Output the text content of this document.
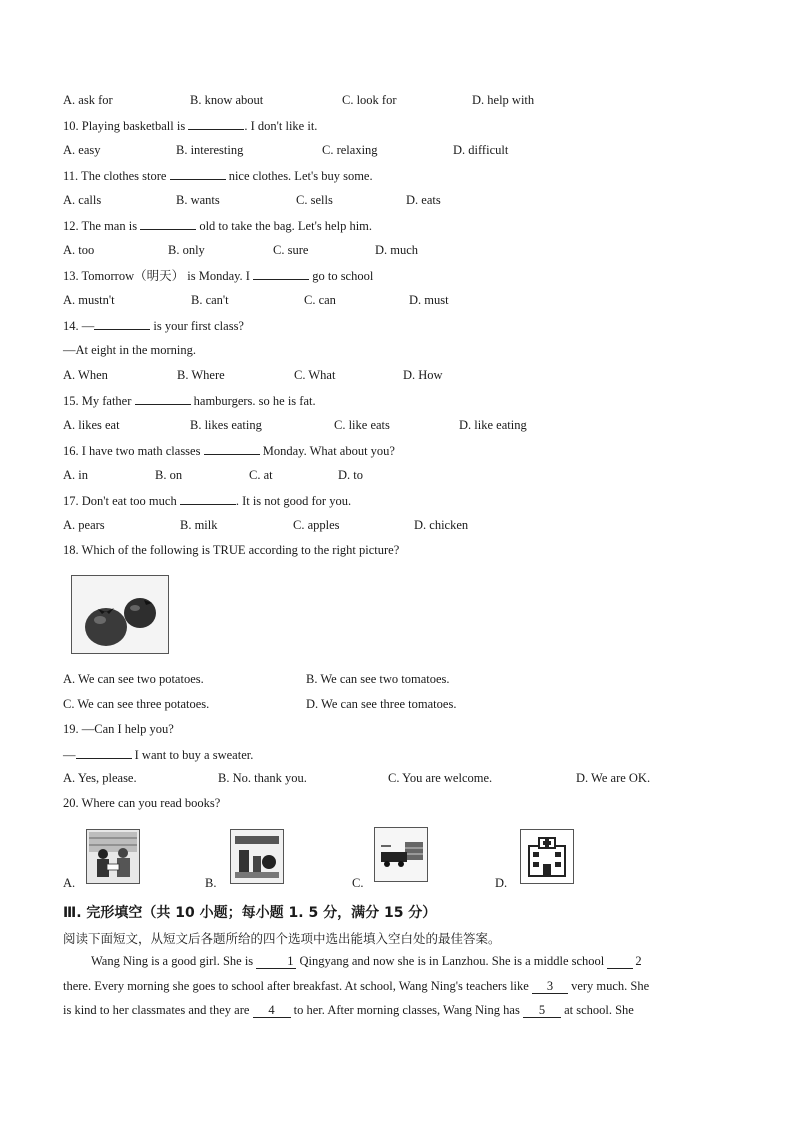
A. ask for	B. know about	C. look for	D. help with
10. Playing basketball is	. I don't like it.
A. easy	B. interesting	C. relaxing	D. difficult
11. The clothes store	nice clothes. Let's buy some.
A. calls	B. wants	C. sells	D. eats
12. The man is	old to take the bag. Let's help him.
A. too	B. only	C. sure	D. much
13. Tomorrow（明天） is Monday. I	go to school
A. mustn't	B. can't	C. can	D. must
14. —	is your first class?
—At eight in the morning.
A. When	B. Where	C. What	D. How
15. My father	hamburgers. so he is fat.
A. likes eat	B. likes eating	C. like eats	D. like eating
16. I have two math classes	Monday. What about you?
A. in	B. on	C. at	D. to
17. Don't eat too much	. It is not good for you.
A. pears	B. milk	C. apples	D. chicken
18. Which of the following is TRUE according to the right picture?
A. We can see two potatoes.	B. We can see two tomatoes.
C. We can see three potatoes.	D. We can see three tomatoes.
19. —Can I help you?
—	I want to buy a sweater.
A. Yes, please.	B. No. thank you.	C. You are welcome.	D. We are OK.
20. Where can you read books?
A.	B.	C.	D.
Ⅲ. 完形填空（共 10 小题；每小题 1. 5 分，满分 15 分）
阅读下面短文，从短文后各题所给的四个选项中选出能填入空白处的最佳答案。
Wang Ning is a good girl. She is	1 Qingyang and now she is in Lanzhou. She is a middle school 2
there. Every morning she goes to school after breakfast. At school, Wang Ning's teachers like 3 very much. She
is kind to her classmates and they are 4 to her. After morning classes, Wang Ning has 5 at school. She
